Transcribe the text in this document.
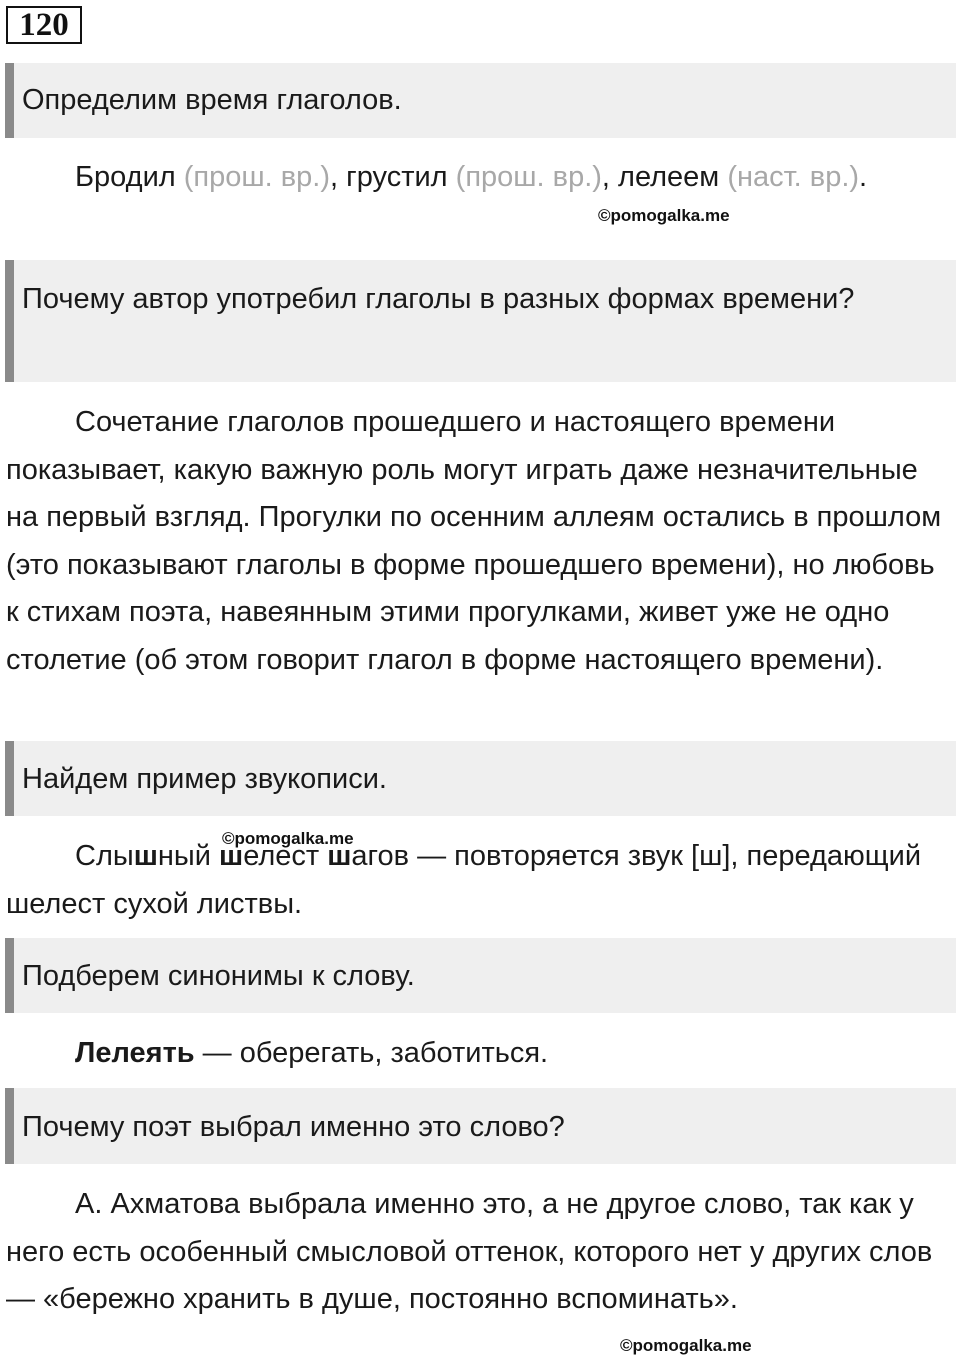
120
Определим время глаголов.

Бродил (прош. вр.), грустил (прош. вр.), лелеем (наст. вр.).

©pomogalka.me
Почему автор употребил глаголы в разных формах времени?

Сочетание глаголов прошедшего и настоящего времени показывает, какую важную роль могут играть даже незначительные на первый взгляд. Прогулки по осенним аллеям остались в прошлом (это показывают глаголы в форме прошедшего времени), но любовь к стихам поэта, навеянным этими прогулками, живет уже не одно столетие (об этом говорит глагол в форме настоящего времени).

Найдем пример звукописи.
©pomogalka.me

Слышный шелест шагов — повторяется звук [ш], передающий шелест сухой листвы.

Подберем синонимы к слову.

Лелеять — оберегать, заботиться.

Почему поэт выбрал именно это слово?

А. Ахматова выбрала именно это, а не другое слово, так как у него есть особенный смысловой оттенок, которого нет у других слов — «бережно хранить в душе, постоянно вспоминать».

©pomogalka.me
